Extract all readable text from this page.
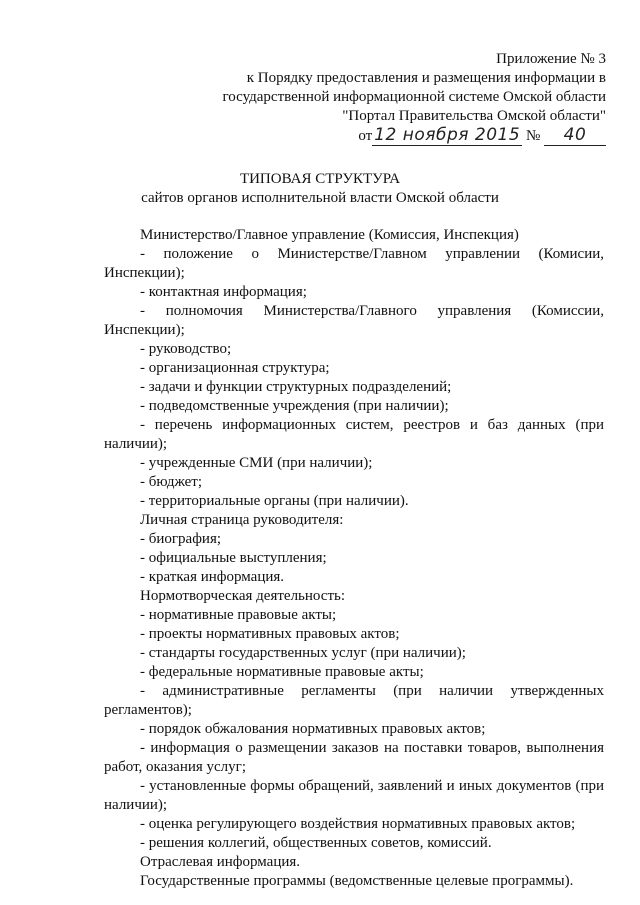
Приложение № 3
к Порядку предоставления и размещения информации в
государственной информационной системе Омской области
"Портал Правительства Омской области"
от 12 ноября 2015 № 40
ТИПОВАЯ СТРУКТУРА
сайтов органов исполнительной власти Омской области

Министерство/Главное управление (Комиссия, Инспекция)

- положение о Министерстве/Главном управлении (Комисии, Инспекции);

- контактная информация;

- полномочия Министерства/Главного управления (Комиссии, Инспекции);

- руководство;

- организационная структура;

- задачи и функции структурных подразделений;

- подведомственные учреждения (при наличии);

- перечень информационных систем, реестров и баз данных (при наличии);

- учрежденные СМИ (при наличии);

- бюджет;

- территориальные органы (при наличии).

Личная страница руководителя:

- биография;

- официальные выступления;

- краткая информация.

Нормотворческая деятельность:

- нормативные правовые акты;

- проекты нормативных правовых актов;

- стандарты государственных услуг (при наличии);

- федеральные нормативные правовые акты;

- административные регламенты (при наличии утвержденных регламентов);

- порядок обжалования нормативных правовых актов;

- информация о размещении заказов на поставки товаров, выполнения работ, оказания услуг;

- установленные формы обращений, заявлений и иных документов (при наличии);

- оценка регулирующего воздействия нормативных правовых актов;

- решения коллегий, общественных советов, комиссий.

Отраслевая информация.

Государственные программы (ведомственные целевые программы).
